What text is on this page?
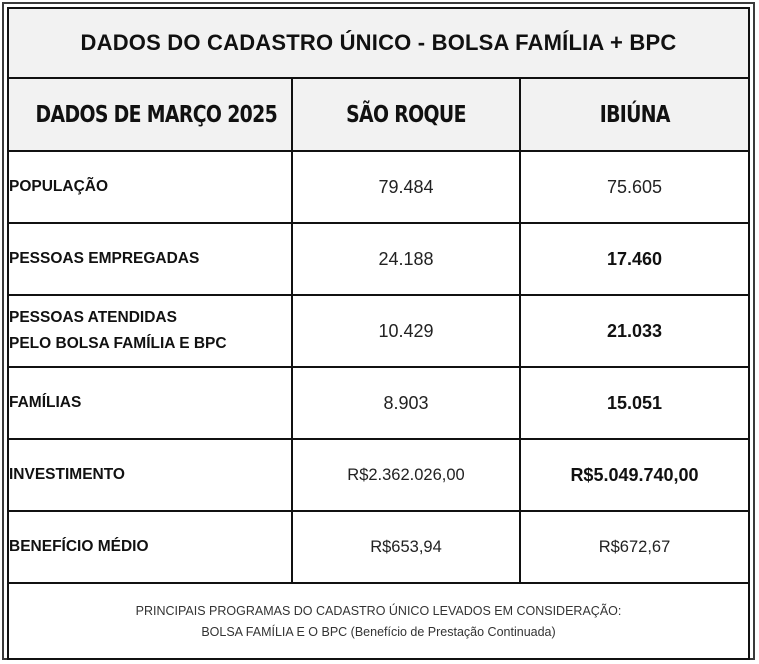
DADOS DO CADASTRO ÚNICO - BOLSA FAMÍLIA + BPC
DADOS DE MARÇO 2025	SÃO ROQUE	IBIÚNA
POPULAÇÃO	79.484	75.605
PESSOAS EMPREGADAS	24.188	17.460

PESSOAS ATENDIDAS
PELO BOLSA FAMÍLIA E BPC	10.429	21.033
FAMÍLIAS	8.903	15.051
INVESTIMENTO	R$2.362.026,00	R$5.049.740,00
BENEFÍCIO MÉDIO	R$653,94	R$672,67
PRINCIPAIS PROGRAMAS DO CADASTRO ÚNICO LEVADOS EM CONSIDERAÇÃO:
BOLSA FAMÍLIA E O BPC (Benefício de Prestação Continuada)
